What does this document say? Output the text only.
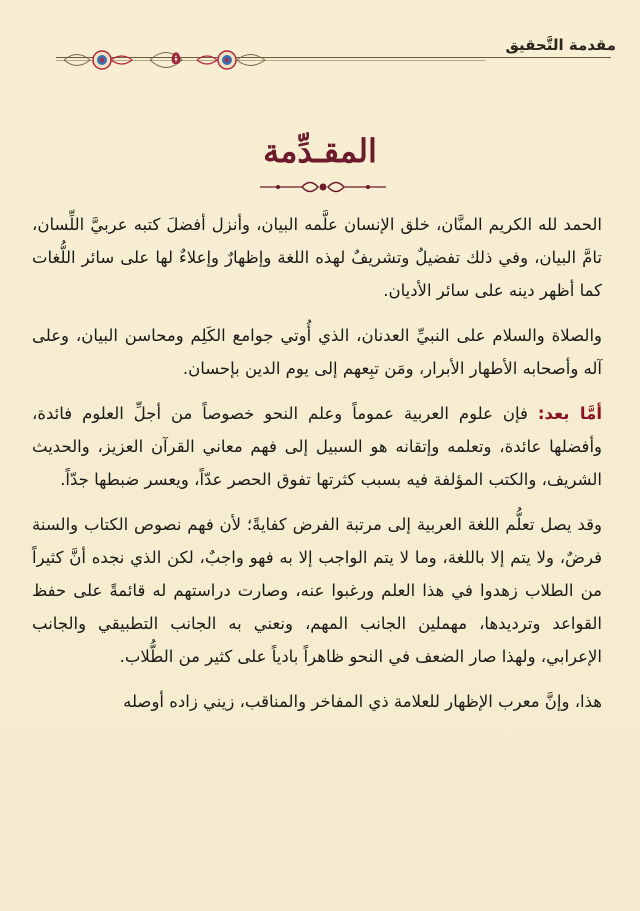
مقدمة التَّحقيق
٥
المقـدِّمة

الحمد لله الكريم المنَّان، خلق الإنسان علَّمه البيان، وأنزل أفضلَ كتبه عربيَّ اللِّسان، تامَّ البيان، وفي ذلك تفضيلٌ وتشريفٌ لهذه اللغة وإظهارٌ وإعلاءٌ لها على سائر اللُّغات كما أظهر دينه على سائر الأديان.

والصلاة والسلام على النبيِّ العدنان، الذي أُوتي جوامع الكَلِم ومحاسن البيان، وعلى آله وأصحابه الأطهار الأبرار، ومَن تبِعهم إلى يوم الدين بإحسان.

أمَّا بعد: فإن علوم العربية عموماً وعلم النحو خصوصاً من أجلِّ العلوم فائدة، وأفضلها عائدة، وتعلمه وإتقانه هو السبيل إلى فهم معاني القرآن العزيز، والحديث الشريف، والكتب المؤلفة فيه بسبب كثرتها تفوق الحصر عدّاً، ويعسر ضبطها جدّاً.

وقد يصل تعلُّم اللغة العربية إلى مرتبة الفرض كفايةً؛ لأن فهم نصوص الكتاب والسنة فرضٌ، ولا يتم إلا باللغة، وما لا يتم الواجب إلا به فهو واجبٌ، لكن الذي نجده أنَّ كثيراً من الطلاب زهدوا في هذا العلم ورغبوا عنه، وصارت دراستهم له قائمةً على حفظ القواعد وترديدها، مهملين الجانب المهم، ونعني به الجانب التطبيقي والجانب الإعرابي، ولهذا صار الضعف في النحو ظاهراً بادياً على كثير من الطُّلاب.

هذا، وإنَّ معرب الإظهار للعلامة ذي المفاخر والمناقب، زيني زاده أوصله
